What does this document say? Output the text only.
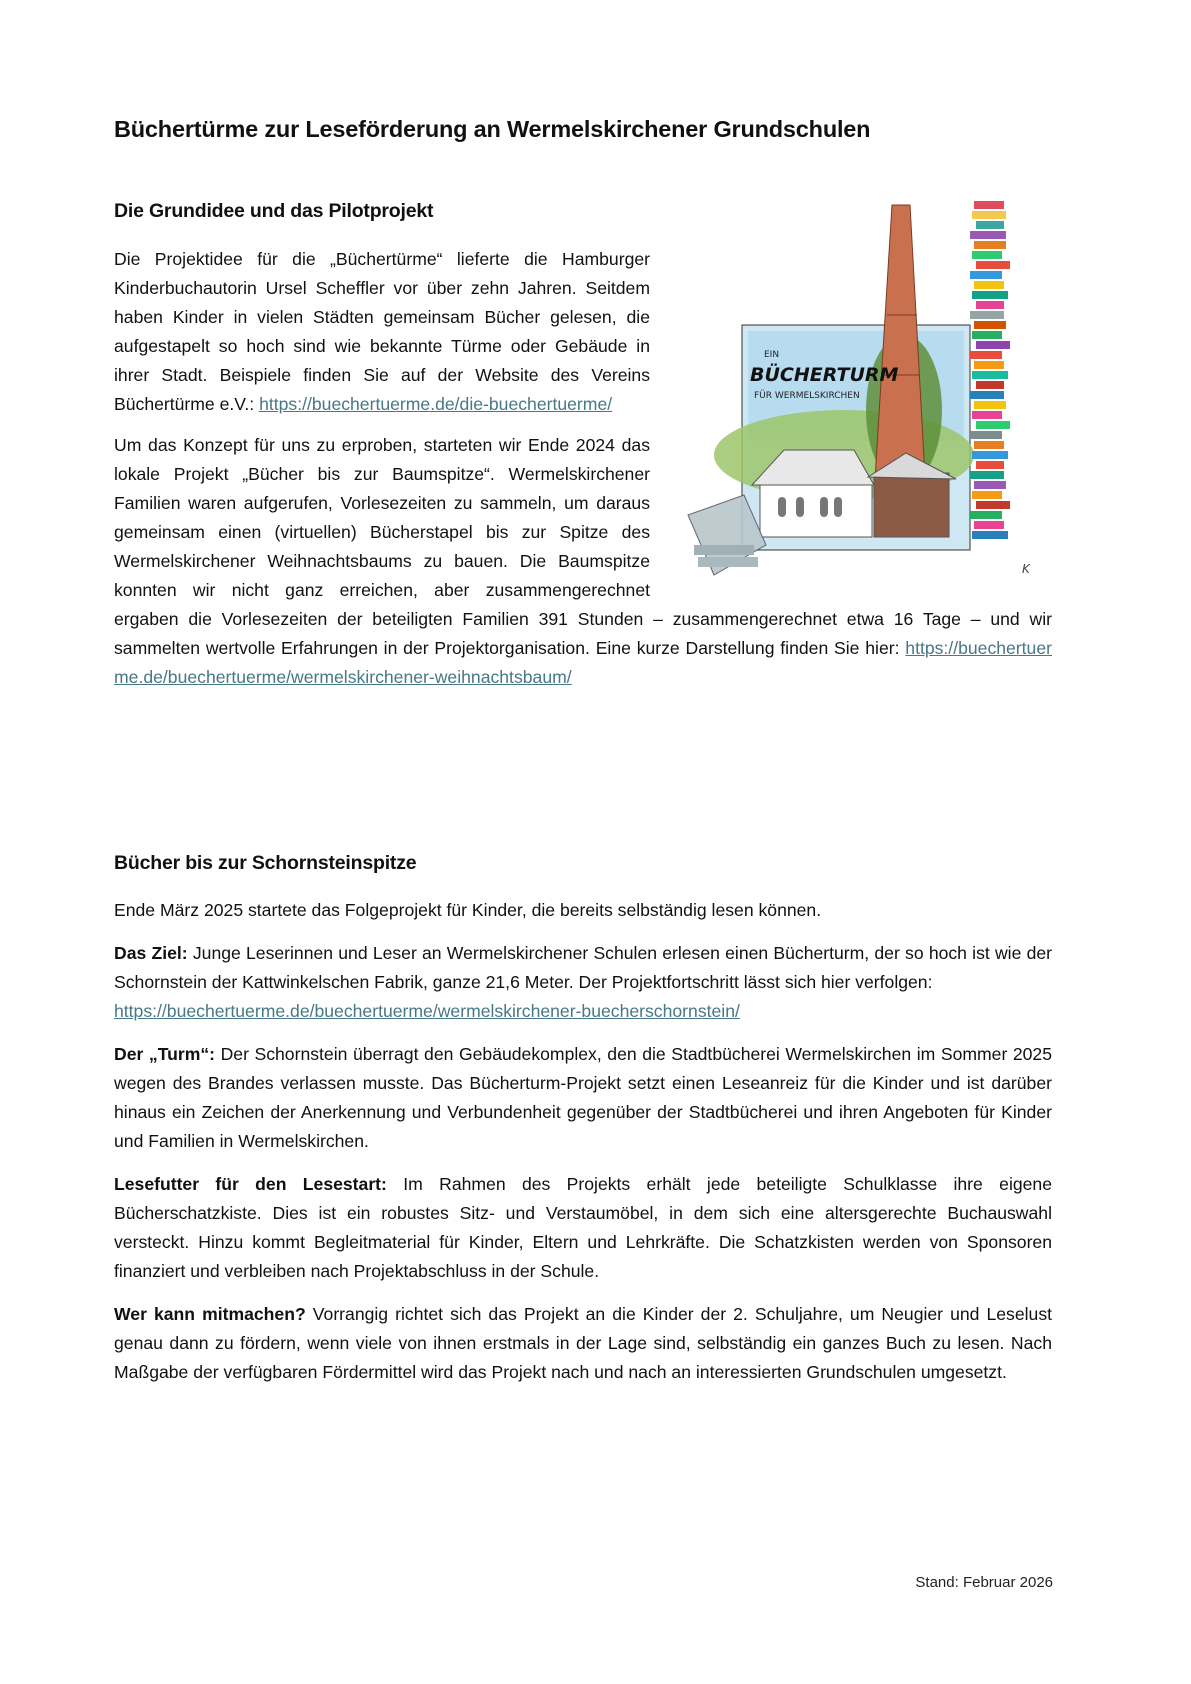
Büchertürme zur Leseförderung an Wermelskirchener Grundschulen
Die Grundidee und das Pilotprojekt
EIN
BÜCHERTURM
FÜR WERMELSKIRCHEN
K

Die Projektidee für die „Büchertürme“ lieferte die Hamburger Kinderbuchautorin Ursel Scheffler vor über zehn Jahren. Seitdem haben Kinder in vielen Städten gemeinsam Bücher gelesen, die aufgestapelt so hoch sind wie bekannte Türme oder Gebäude in ihrer Stadt. Beispiele finden Sie auf der Website des Vereins Büchertürme e.V.: https://buechertuerme.de/die-buechertuerme/

Um das Konzept für uns zu erproben, starteten wir Ende 2024 das lokale Projekt „Bücher bis zur Baumspitze“. Wermelskirchener Familien waren aufgerufen, Vorlesezeiten zu sammeln, um daraus gemeinsam einen (virtuellen) Bücherstapel bis zur Spitze des Wermelskirchener Weihnachtsbaums zu bauen. Die Baumspitze konnten wir nicht ganz erreichen, aber zusammengerechnet ergaben die Vorlesezeiten der beteiligten Familien 391 Stunden – zusammengerechnet etwa 16 Tage – und wir sammelten wertvolle Erfahrungen in der Projektorganisation. Eine kurze Darstellung finden Sie hier: https://buechertuerme.de/buechertuerme/wermelskirchener-weihnachtsbaum/

Bücher bis zur Schornsteinspitze

Ende März 2025 startete das Folgeprojekt für Kinder, die bereits selbständig lesen können.

Das Ziel: Junge Leserinnen und Leser an Wermelskirchener Schulen erlesen einen Bücherturm, der so hoch ist wie der Schornstein der Kattwinkelschen Fabrik, ganze 21,6 Meter. Der Projektfortschritt lässt sich hier verfolgen:
https://buechertuerme.de/buechertuerme/wermelskirchener-buecherschornstein/

Der „Turm“: Der Schornstein überragt den Gebäudekomplex, den die Stadtbücherei Wermelskirchen im Sommer 2025 wegen des Brandes verlassen musste. Das Bücherturm-Projekt setzt einen Leseanreiz für die Kinder und ist darüber hinaus ein Zeichen der Anerkennung und Verbundenheit gegenüber der Stadtbücherei und ihren Angeboten für Kinder und Familien in Wermelskirchen.

Lesefutter für den Lesestart: Im Rahmen des Projekts erhält jede beteiligte Schulklasse ihre eigene Bücherschatzkiste. Dies ist ein robustes Sitz- und Verstaumöbel, in dem sich eine altersgerechte Buchauswahl versteckt. Hinzu kommt Begleitmaterial für Kinder, Eltern und Lehrkräfte. Die Schatzkisten werden von Sponsoren finanziert und verbleiben nach Projektabschluss in der Schule.

Wer kann mitmachen? Vorrangig richtet sich das Projekt an die Kinder der 2. Schuljahre, um Neugier und Leselust genau dann zu fördern, wenn viele von ihnen erstmals in der Lage sind, selbständig ein ganzes Buch zu lesen. Nach Maßgabe der verfügbaren Fördermittel wird das Projekt nach und nach an interessierten Grundschulen umgesetzt.

Stand: Februar 2026
